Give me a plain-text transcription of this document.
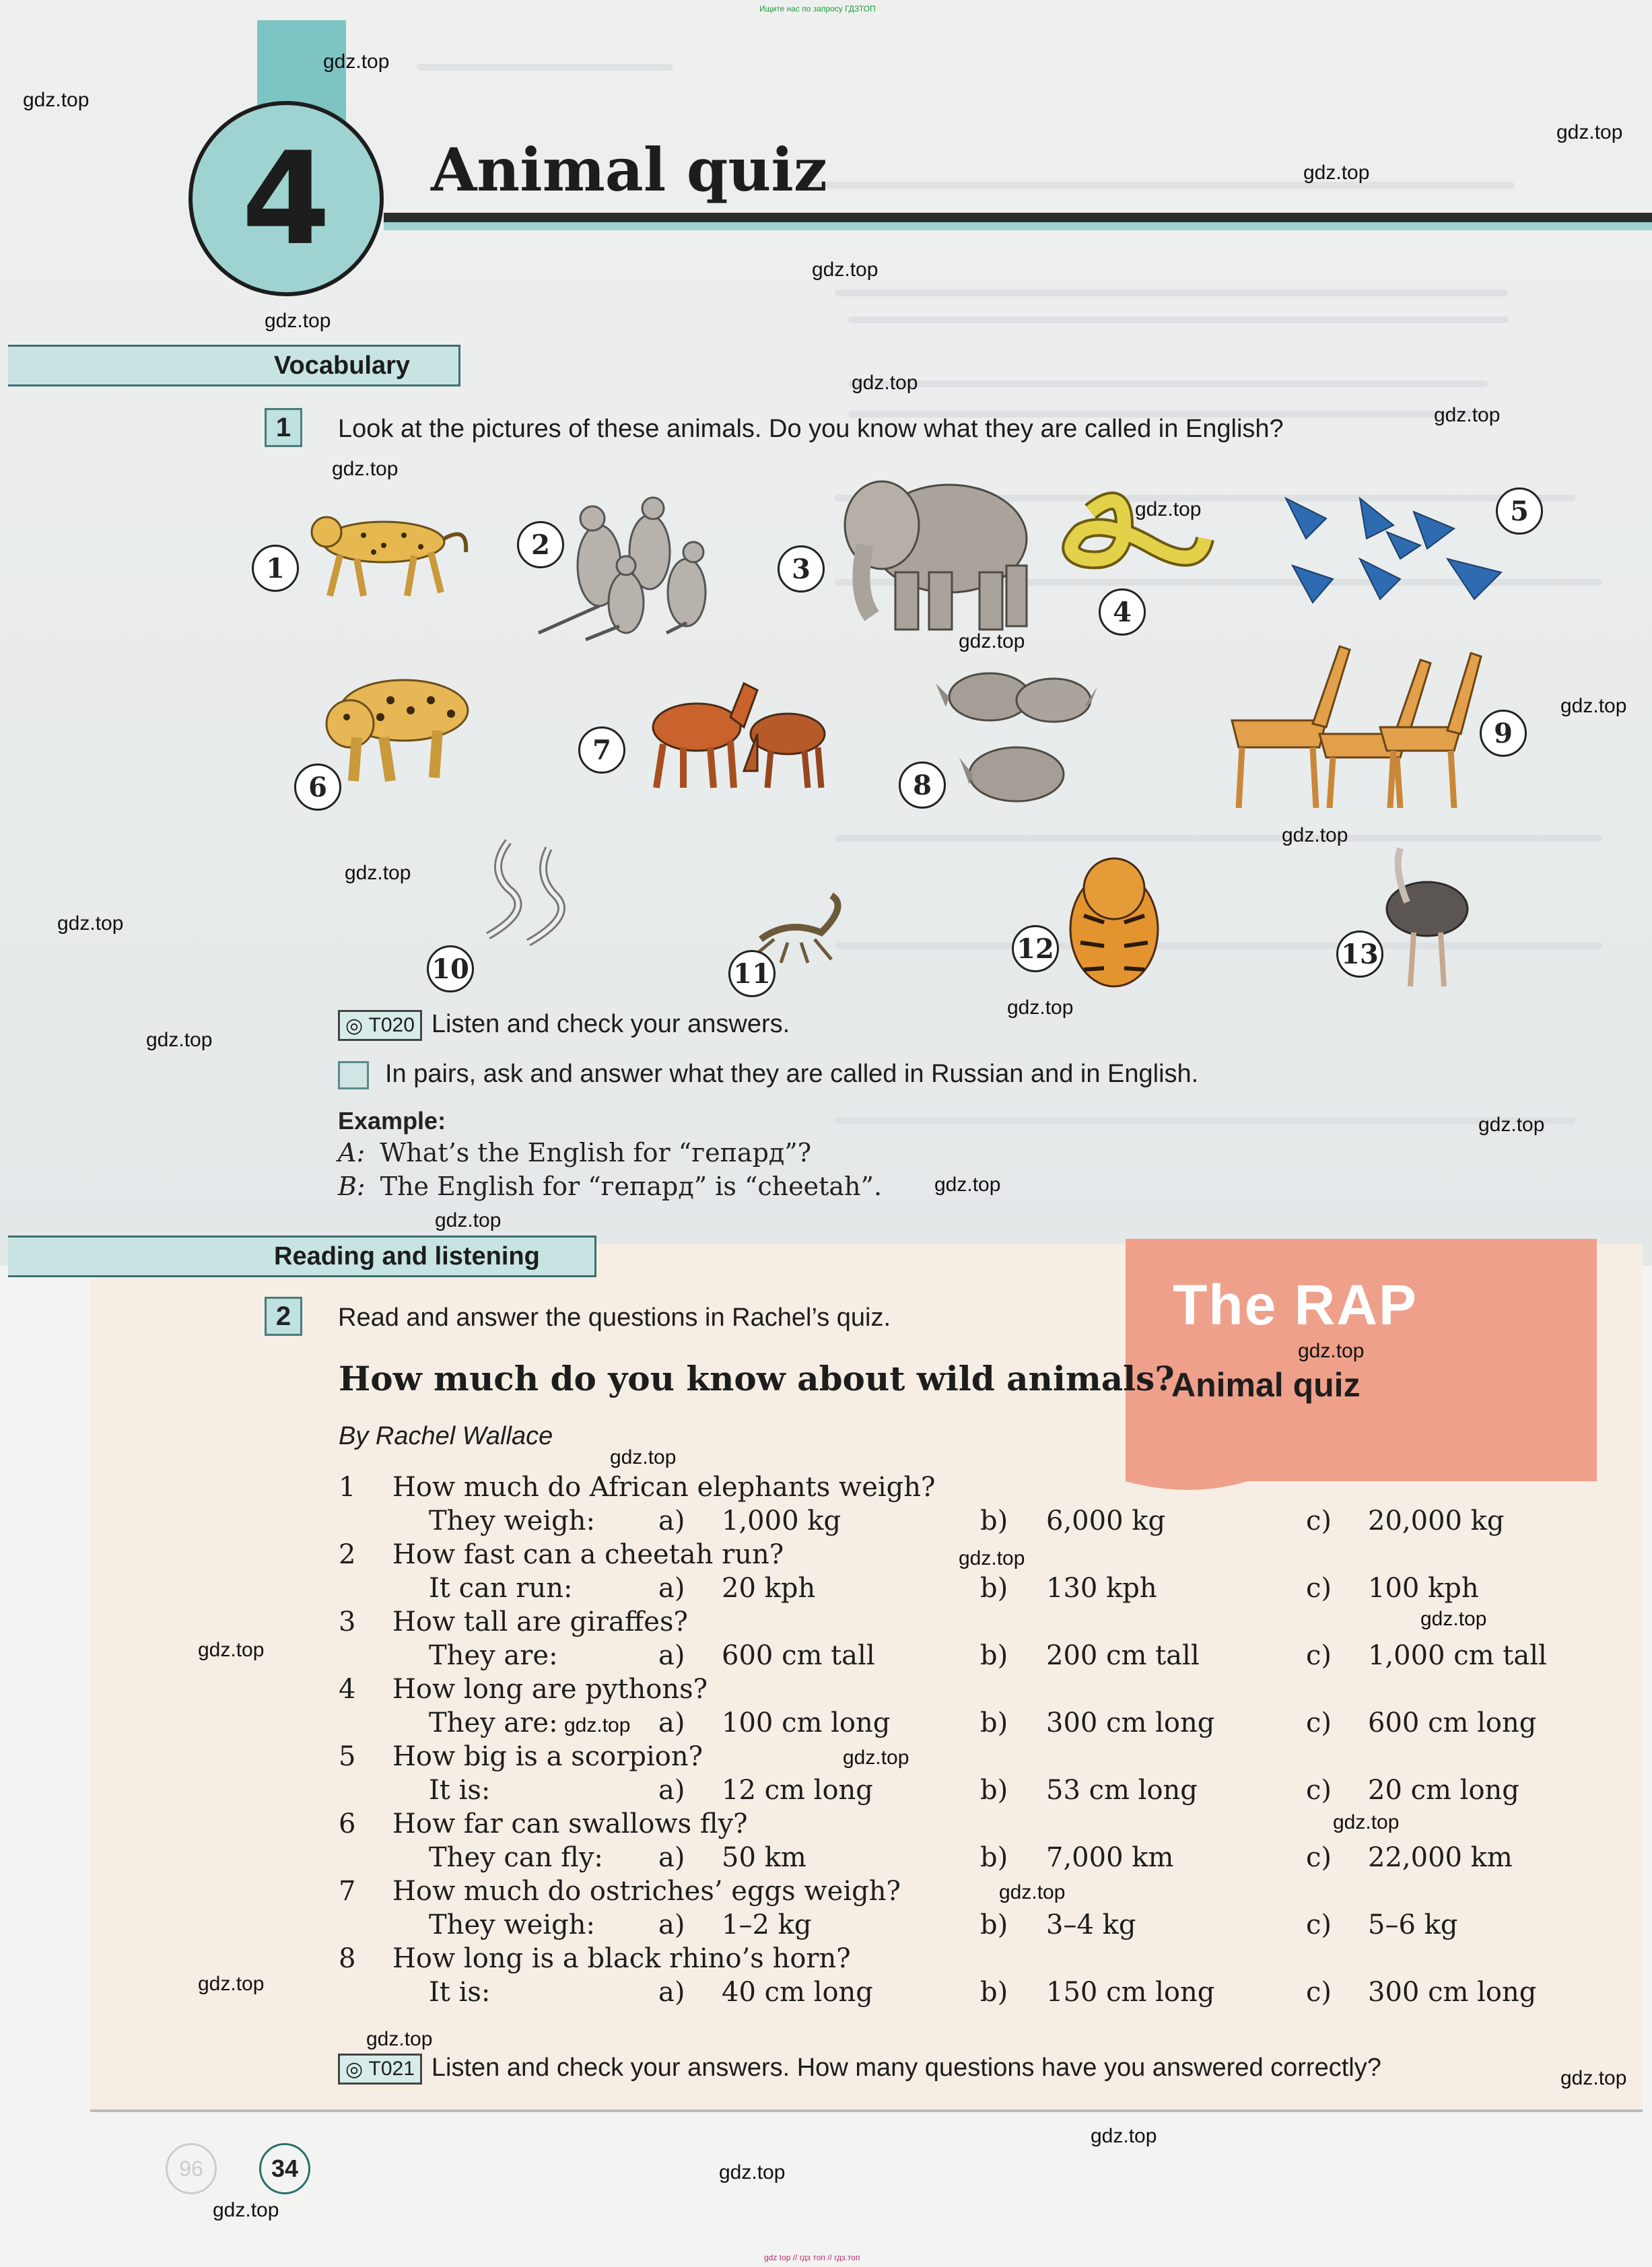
Ищите нас по запросу ГДЗТОП
gdz top // гдз топ // гдз.топ
4	Animal quiz
Vocabulary
1	Look at the pictures of these animals. Do you know what they are called in English?
1
2
3
4
5
6
7
8
9
10	11
12	13
◎ T020 Listen and check your answers.
In pairs, ask and answer what they are called in Russian and in English.
Example:
A: What’s the English for “гепард”?
B: The English for “гепард” is “cheetah”.
The RAP
Animal quiz
Reading and listening
2	Read and answer the questions in Rachel’s quiz.
How much do you know about wild animals?
By Rachel Wallace
1 How much do African elephants weigh?
They weigh: a) 1,000 kg	b) 6,000 kg	c) 20,000 kg
2 How fast can a cheetah run?
It can run:	a) 20 kph	b) 130 kph	c) 100 kph
3 How tall are giraffes?
They are:	a) 600 cm tall	b) 200 cm tall	c) 1,000 cm tall
4 How long are pythons?
They are:	a) 100 cm long	b) 300 cm long	c) 600 cm long
5 How big is a scorpion?
It is:	a) 12 cm long	b) 53 cm long	c) 20 cm long
6 How far can swallows fly?
They can fly: a) 50 km	b) 7,000 km	c) 22,000 km
7 How much do ostriches’ eggs weigh?
They weigh: a) 1–2 kg	b) 3–4 kg	c) 5–6 kg
8 How long is a black rhino’s horn?
It is:	a) 40 cm long	b) 150 cm long	c) 300 cm long
◎ T021 Listen and check your answers. How many questions have you answered correctly?
96	34
gdz.top
gdz.top
gdz.top
gdz.top
gdz.top
gdz.top
gdz.top
gdz.top
gdz.top
gdz.top
gdz.top
gdz.top
gdz.top
gdz.top
gdz.top
gdz.top
gdz.top
gdz.top
gdz.top
gdz.top
gdz.top
gdz.top
gdz.top
gdz.top
gdz.top
gdz.top
gdz.top
gdz.top
gdz.top
gdz.top
gdz.top
gdz.top
gdz.top
gdz.top
gdz.top
